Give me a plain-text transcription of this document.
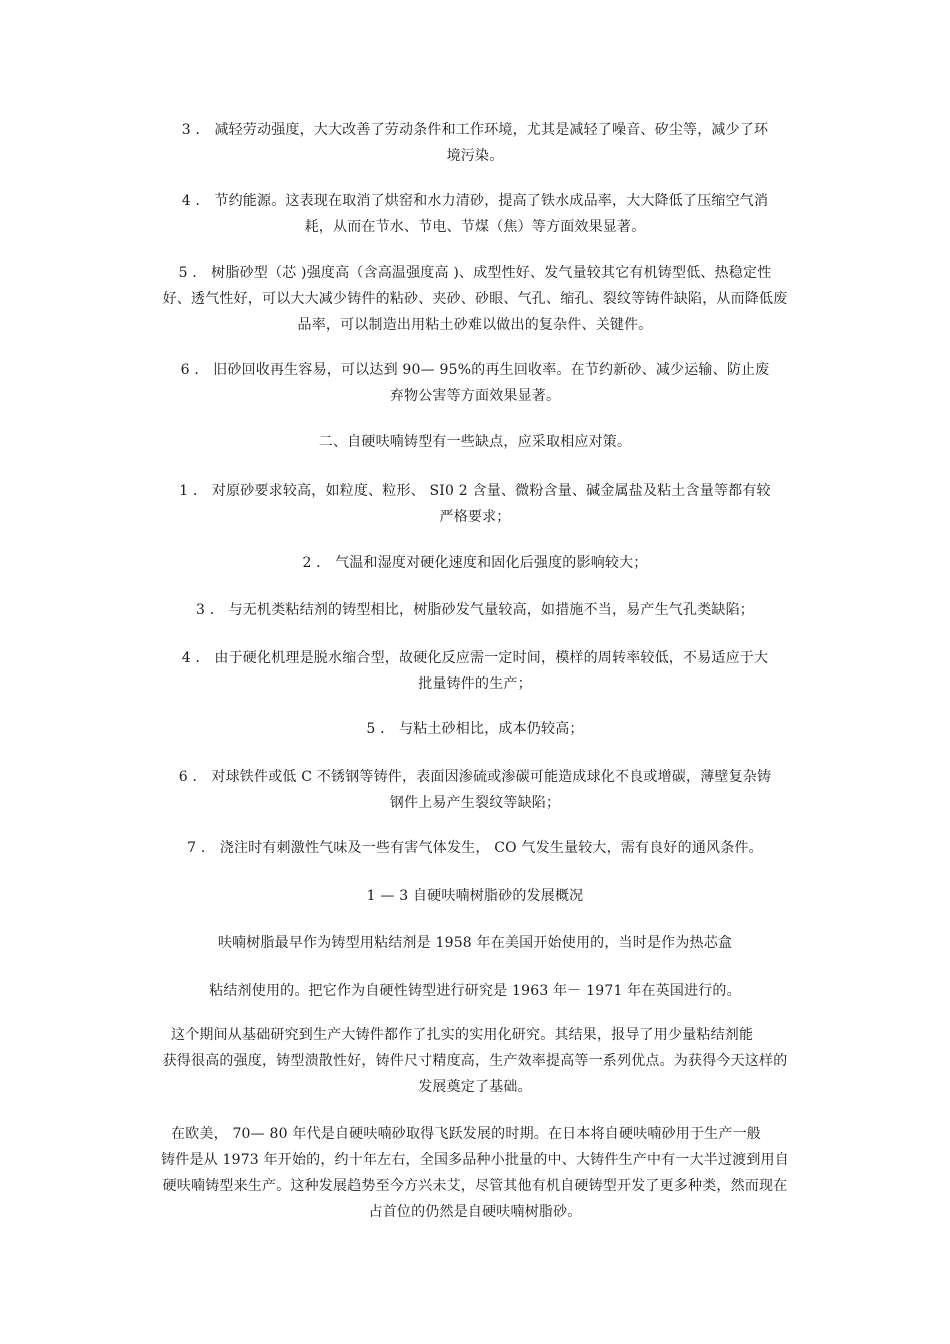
3 ． 减轻劳动强度，大大改善了劳动条件和工作环境，尤其是减轻了噪音、矽尘等，减少了环
境污染。
4 ． 节约能源。这表现在取消了烘窑和水力清砂，提高了铁水成品率，大大降低了压缩空气消
耗，从而在节水、节电、节煤（焦）等方面效果显著。
5 ． 树脂砂型（芯 )强度高（含高温强度高 )、成型性好、发气量较其它有机铸型低、热稳定性
好、透气性好，可以大大减少铸件的粘砂、夹砂、砂眼、气孔、缩孔、裂纹等铸件缺陷，从而降低废
品率，可以制造出用粘土砂难以做出的复杂件、关键件。
6 ． 旧砂回收再生容易，可以达到 90— 95%的再生回收率。在节约新砂、减少运输、防止废
弃物公害等方面效果显著。
二、自硬呋喃铸型有一些缺点，应采取相应对策。
1 ． 对原砂要求较高，如粒度、粒形、 SI0 2 含量、微粉含量、碱金属盐及粘土含量等都有较
严格要求；
2 ． 气温和湿度对硬化速度和固化后强度的影响较大；
3 ． 与无机类粘结剂的铸型相比，树脂砂发气量较高，如措施不当，易产生气孔类缺陷；
4 ． 由于硬化机理是脱水缩合型，故硬化反应需一定时间，模样的周转率较低，不易适应于大
批量铸件的生产；
5 ． 与粘土砂相比，成本仍较高；
6 ． 对球铁件或低 C 不锈钢等铸件，表面因渗硫或渗碳可能造成球化不良或增碳，薄壁复杂铸
钢件上易产生裂纹等缺陷；
7 ． 浇注时有刺激性气味及一些有害气体发生， CO 气发生量较大，需有良好的通风条件。
1 — 3 自硬呋喃树脂砂的发展概况
呋喃树脂最早作为铸型用粘结剂是 1958 年在美国开始使用的，当时是作为热芯盒
粘结剂使用的。把它作为自硬性铸型进行研究是 1963 年－ 1971 年在英国进行的。
这个期间从基础研究到生产大铸件都作了扎实的实用化研究。其结果，报导了用少量粘结剂能
获得很高的强度，铸型溃散性好，铸件尺寸精度高，生产效率提高等一系列优点。为获得今天这样的
发展奠定了基础。
在欧美， 70— 80 年代是自硬呋喃砂取得飞跃发展的时期。在日本将自硬呋喃砂用于生产一般
铸件是从 1973 年开始的，约十年左右，全国多品种小批量的中、大铸件生产中有一大半过渡到用自
硬呋喃铸型来生产。这种发展趋势至今方兴未艾，尽管其他有机自硬铸型开发了更多种类，然而现在
占首位的仍然是自硬呋喃树脂砂。
